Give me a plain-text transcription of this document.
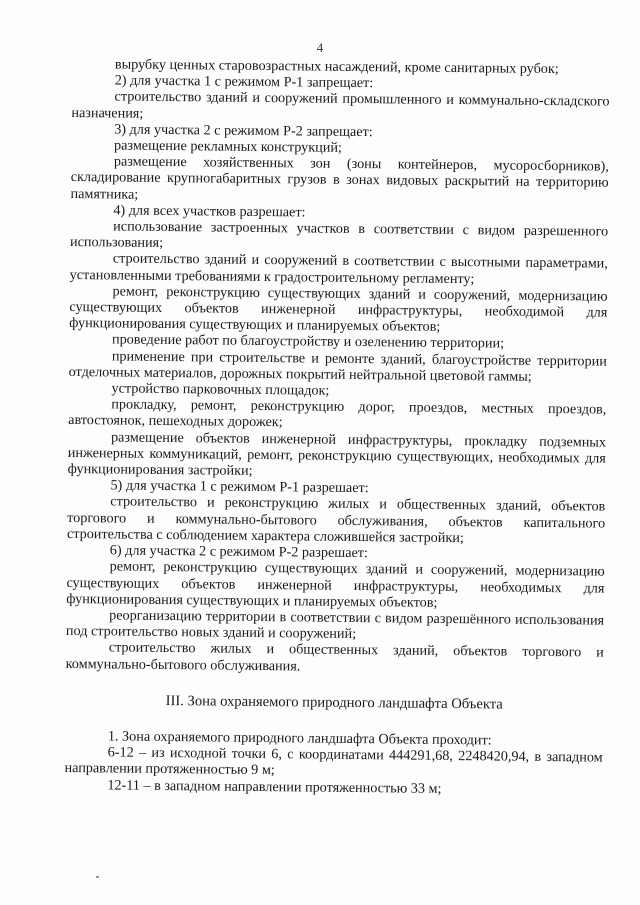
4

вырубку ценных старовозрастных насаждений, кроме санитарных рубок;

2) для участка 1 с режимом Р-1 запрещает:

строительство зданий и сооружений промышленного и коммунально-складского назначения;

3) для участка 2 с режимом Р-2 запрещает:

размещение рекламных конструкций;

размещение хозяйственных зон (зоны контейнеров, мусоросборников), складирование крупногабаритных грузов в зонах видовых раскрытий на территорию памятника;

4) для всех участков разрешает:

использование застроенных участков в соответствии с видом разрешенного использования;

строительство зданий и сооружений в соответствии с высотными параметрами, установленными требованиями к градостроительному регламенту;

ремонт, реконструкцию существующих зданий и сооружений, модернизацию существующих объектов инженерной инфраструктуры, необходимой для функционирования существующих и планируемых объектов;

проведение работ по благоустройству и озеленению территории;

применение при строительстве и ремонте зданий, благоустройстве территории отделочных материалов, дорожных покрытий нейтральной цветовой гаммы;

устройство парковочных площадок;

прокладку, ремонт, реконструкцию дорог, проездов, местных проездов, автостоянок, пешеходных дорожек;

размещение объектов инженерной инфраструктуры, прокладку подземных инженерных коммуникаций, ремонт, реконструкцию существующих, необходимых для функционирования застройки;

5) для участка 1 с режимом Р-1 разрешает:

строительство и реконструкцию жилых и общественных зданий, объектов торгового и коммунально-бытового обслуживания, объектов капитального строительства с соблюдением характера сложившейся застройки;

6) для участка 2 с режимом Р-2 разрешает:

ремонт, реконструкцию существующих зданий и сооружений, модернизацию существующих объектов инженерной инфраструктуры, необходимых для функционирования существующих и планируемых объектов;

реорганизацию территории в соответствии с видом разрешённого использования под строительство новых зданий и сооружений;

строительство жилых и общественных зданий, объектов торгового и коммунально-бытового обслуживания.

III. Зона охраняемого природного ландшафта Объекта

1. Зона охраняемого природного ландшафта Объекта проходит:

6-12 – из исходной точки 6, с координатами 444291,68, 2248420,94, в западном направлении протяженностью 9 м;

12-11 – в западном направлении протяженностью 33 м;
